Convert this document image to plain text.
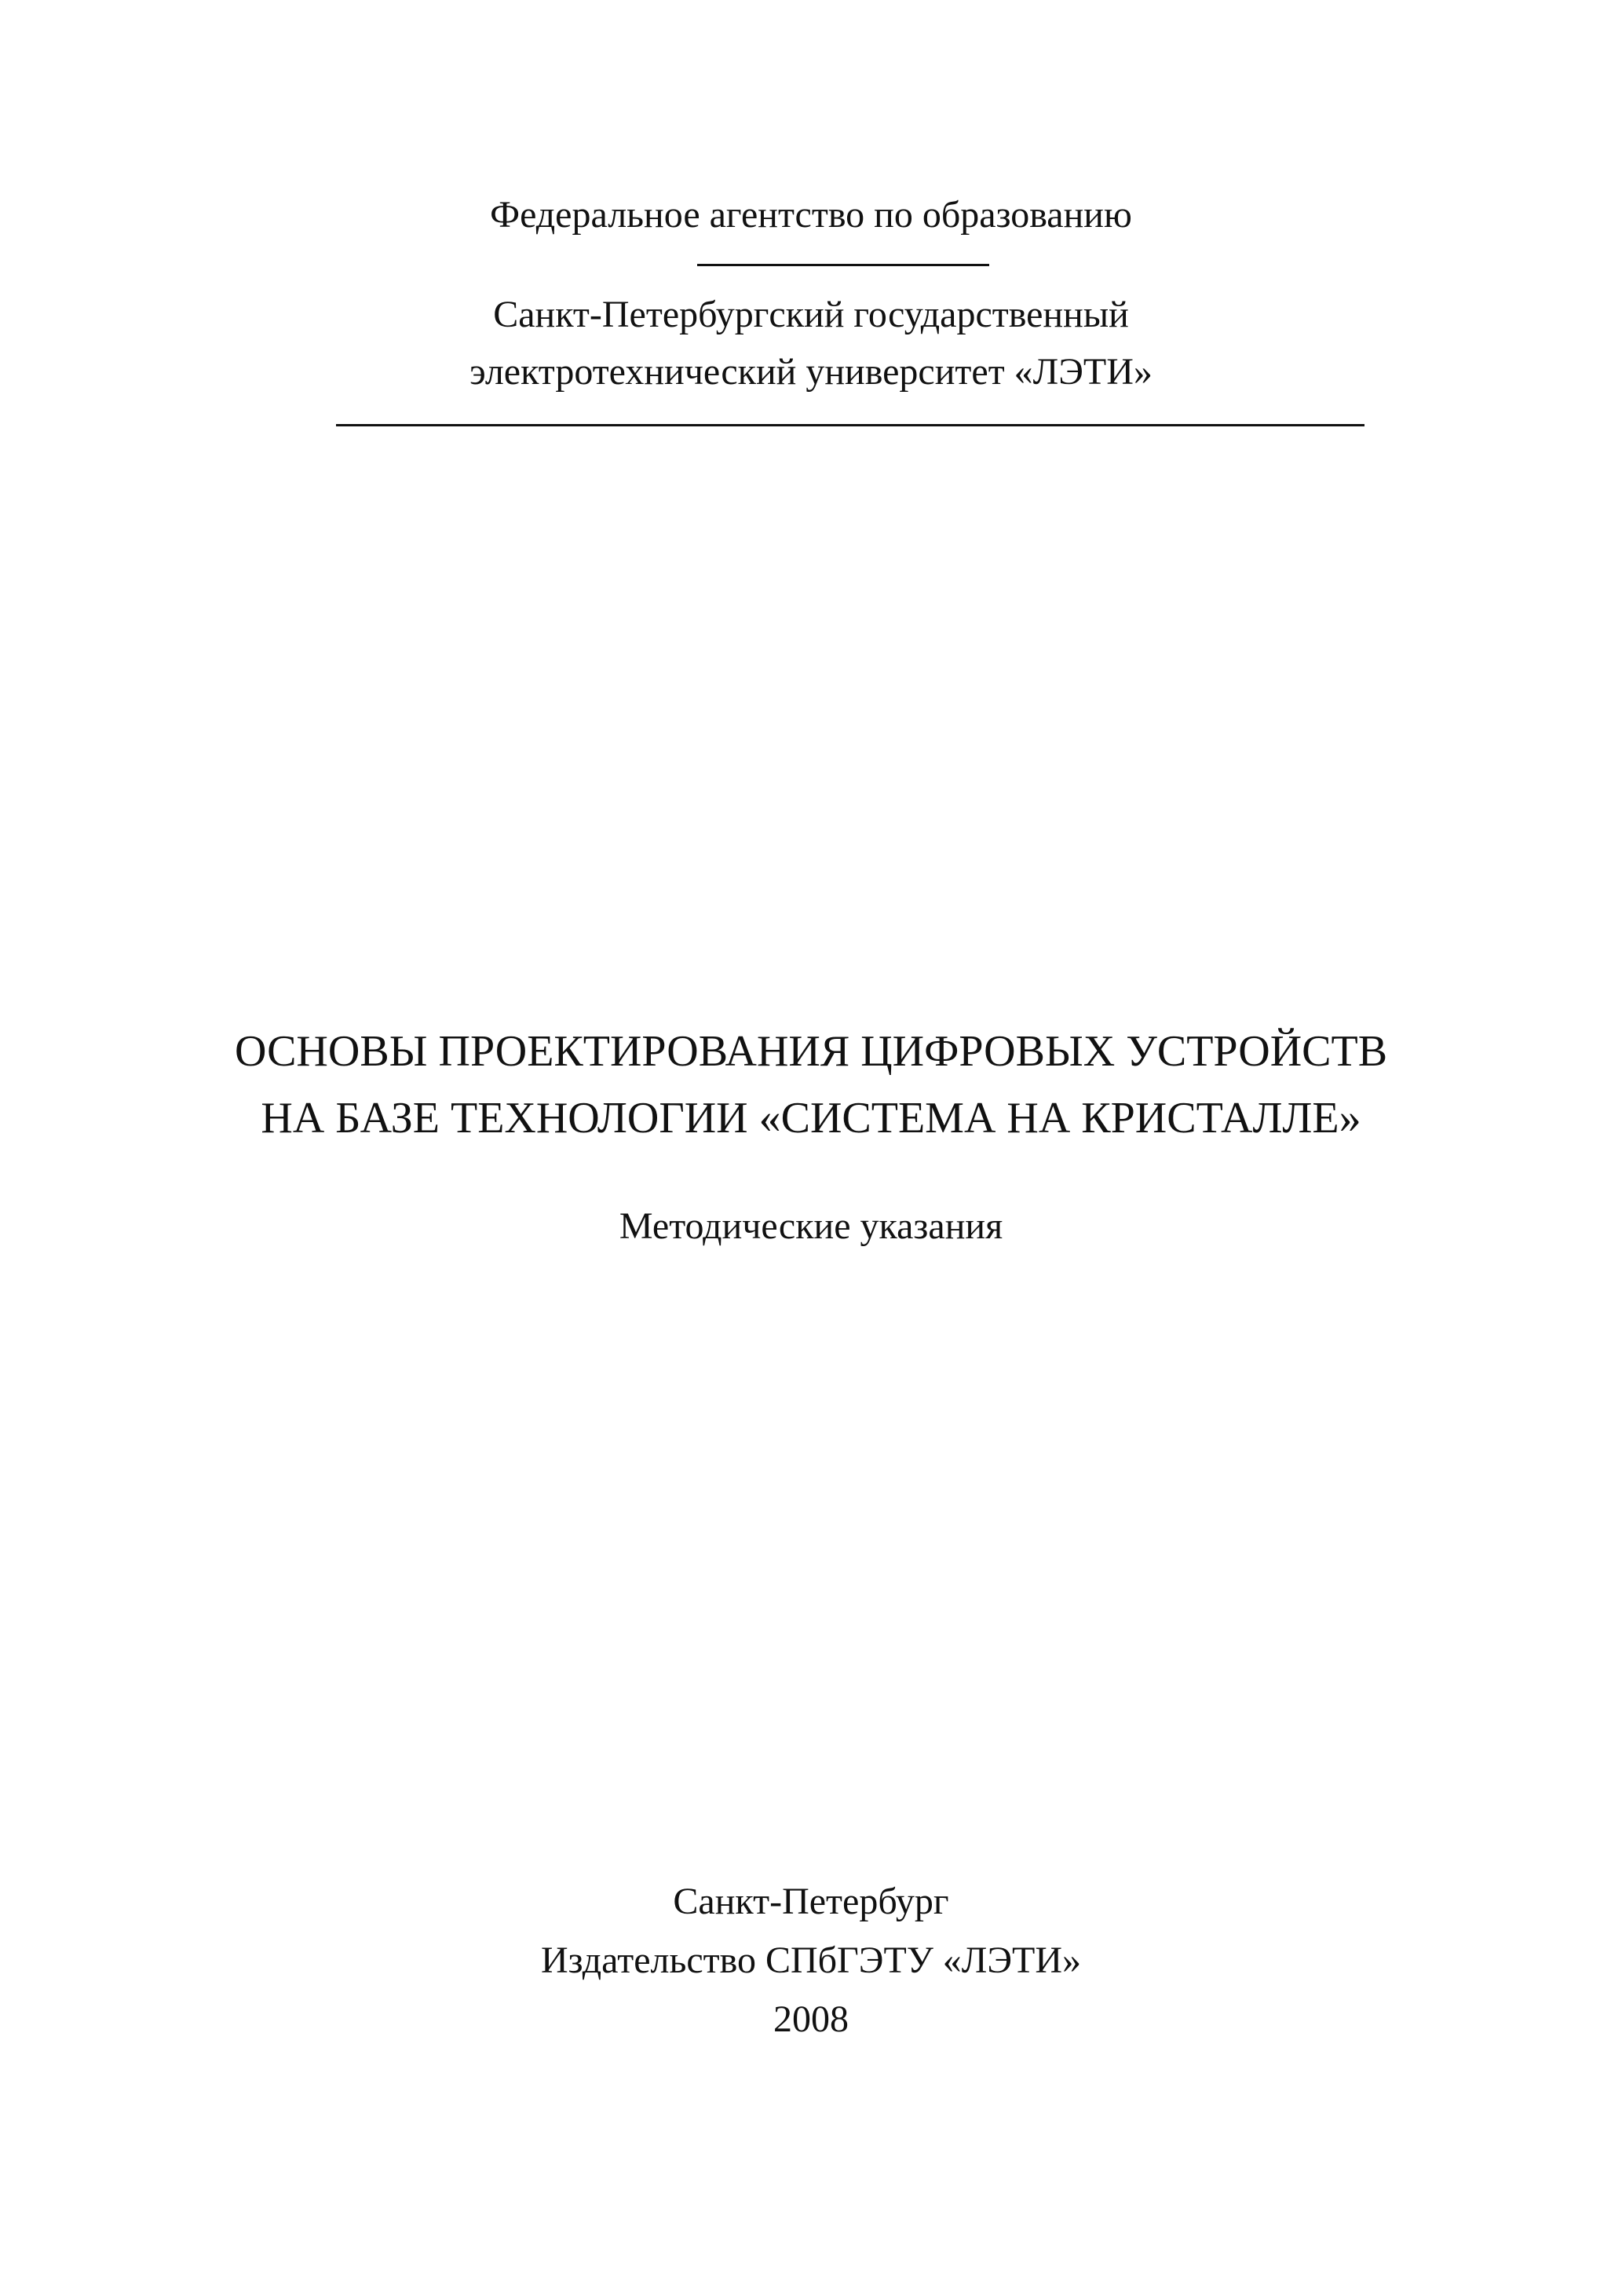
Федеральное агентство по образованию
Санкт-Петербургский государственный
электротехнический университет «ЛЭТИ»
ОСНОВЫ ПРОЕКТИРОВАНИЯ ЦИФРОВЫХ УСТРОЙСТВ
НА БАЗЕ ТЕХНОЛОГИИ «СИСТЕМА НА КРИСТАЛЛЕ»
Методические указания
Санкт-Петербург
Издательство СПбГЭТУ «ЛЭТИ»
2008
